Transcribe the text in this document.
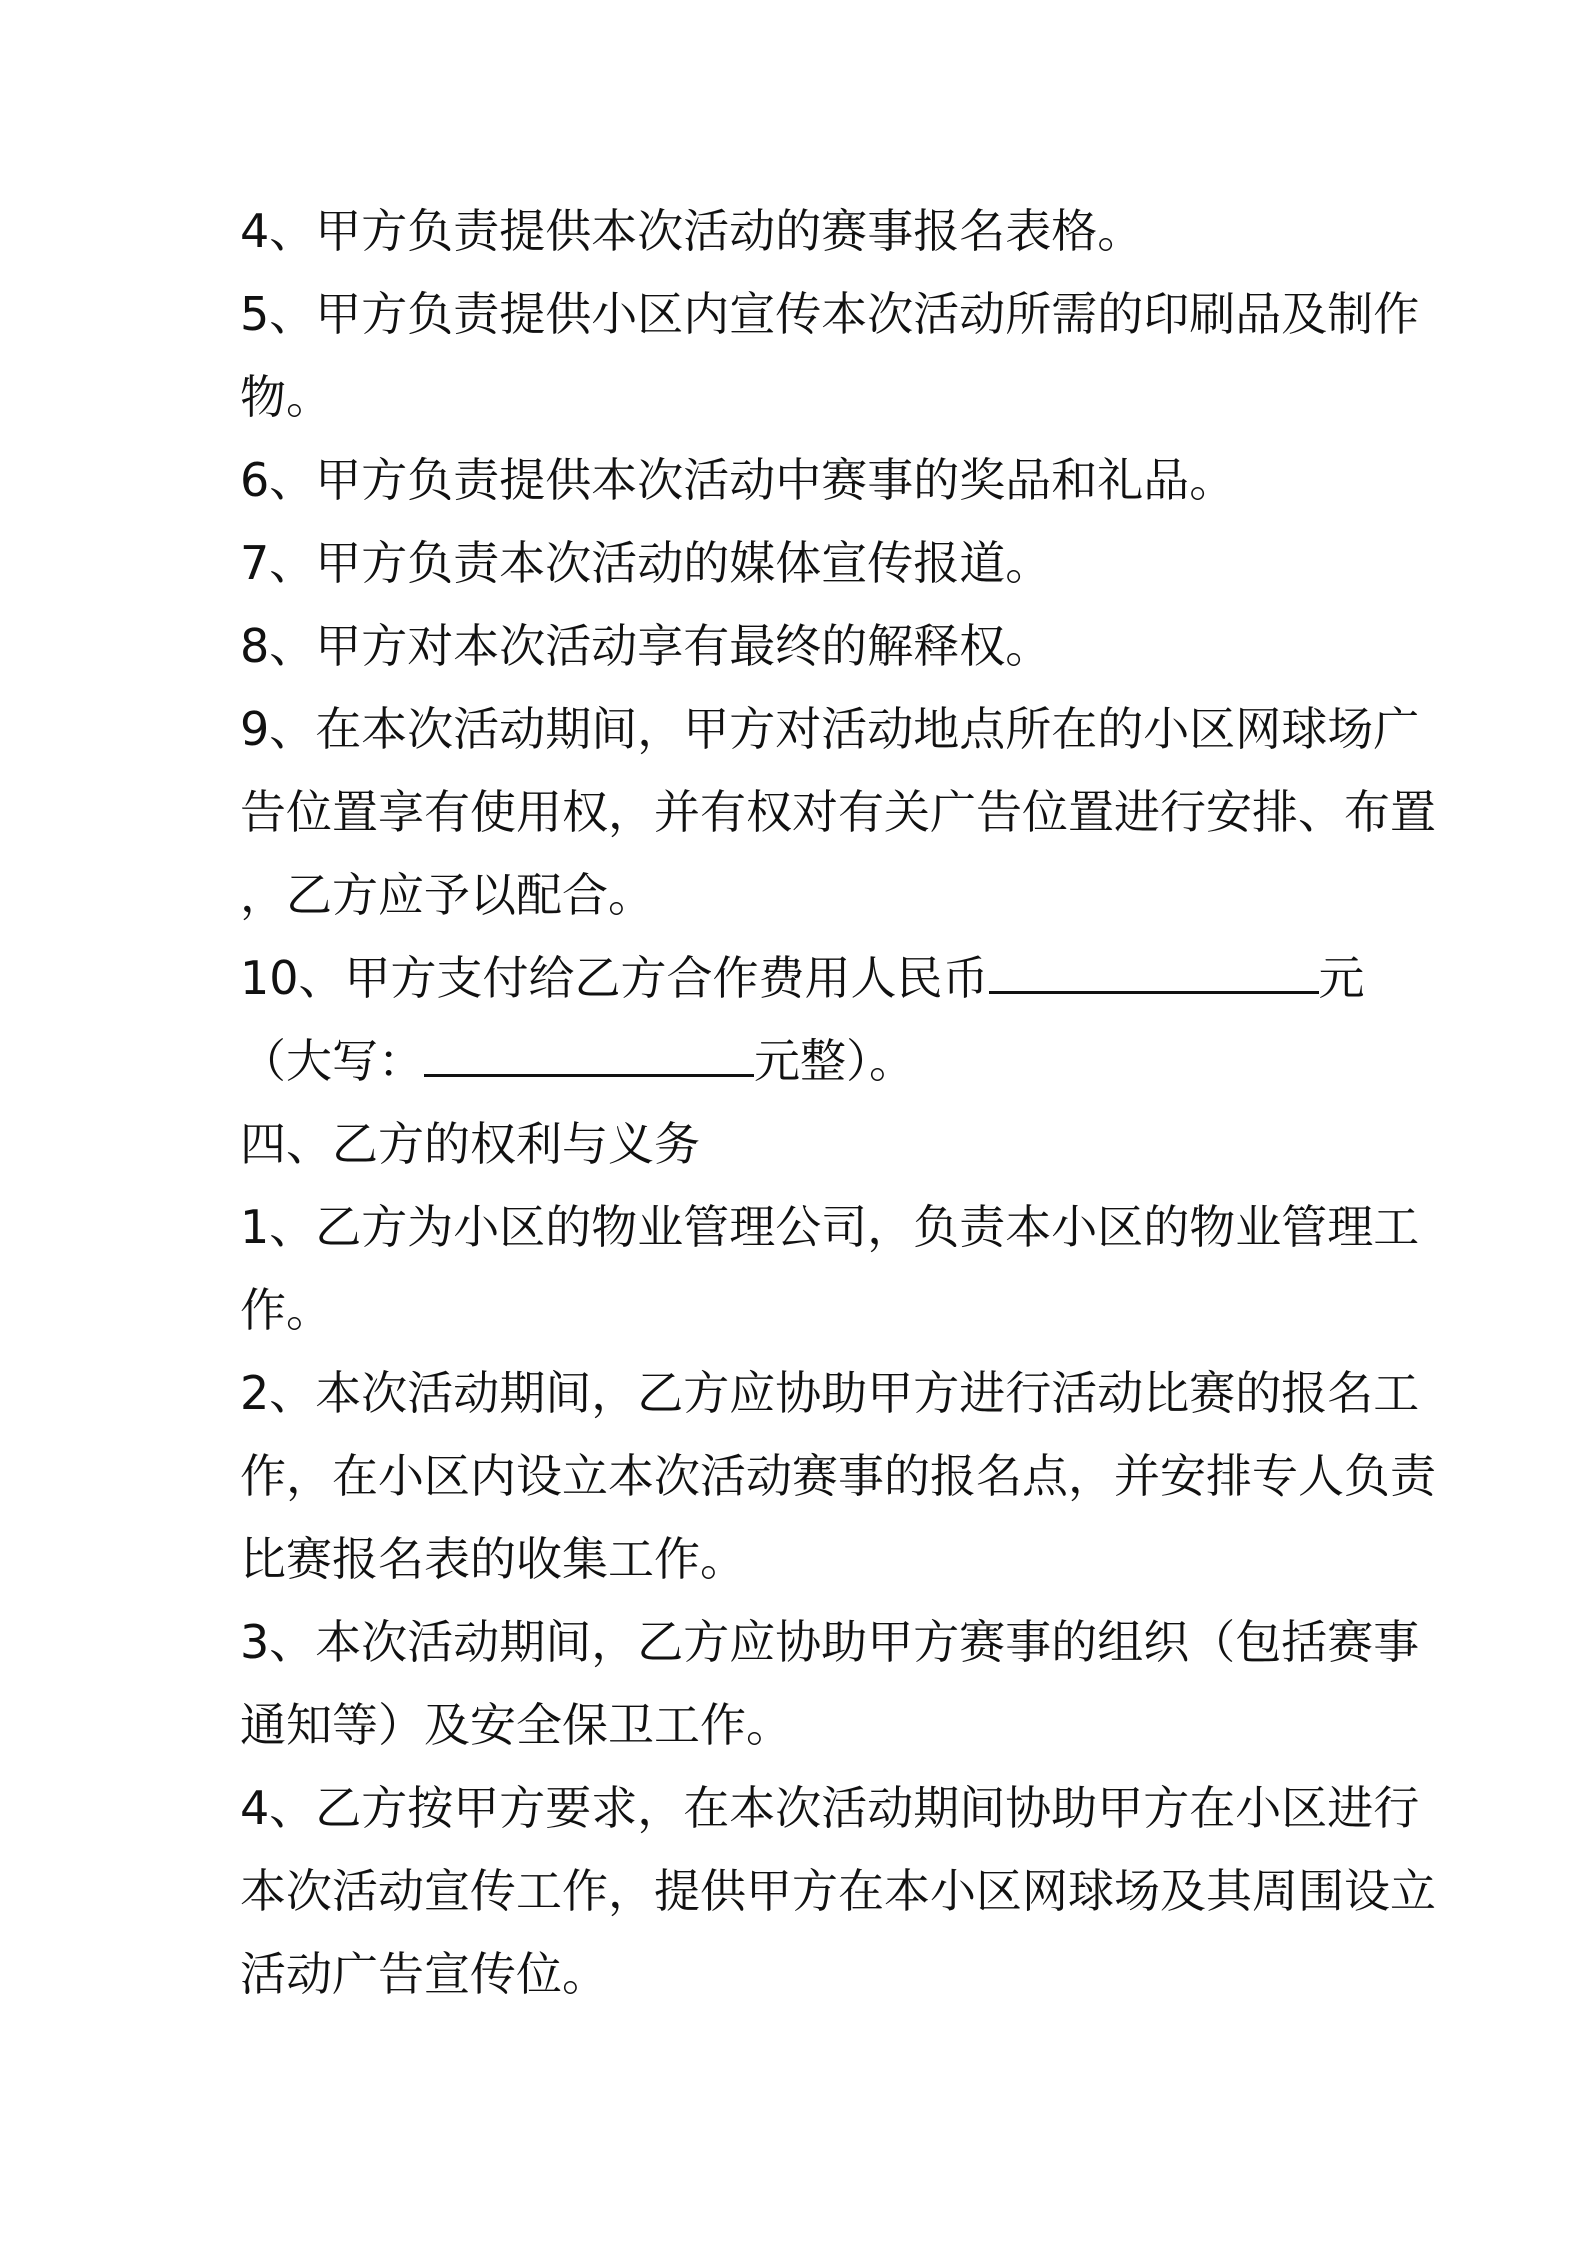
4、甲方负责提供本次活动的赛事报名表格。
5、甲方负责提供小区内宣传本次活动所需的印刷品及制作
物。
6、甲方负责提供本次活动中赛事的奖品和礼品。
7、甲方负责本次活动的媒体宣传报道。
8、甲方对本次活动享有最终的解释权。
9、在本次活动期间，甲方对活动地点所在的小区网球场广
告位置享有使用权，并有权对有关广告位置进行安排、布置
，乙方应予以配合。
10、甲方支付给乙方合作费用人民币	元
（大写：	元整）。
四、乙方的权利与义务
1、乙方为小区的物业管理公司，负责本小区的物业管理工
作。
2、本次活动期间，乙方应协助甲方进行活动比赛的报名工
作，在小区内设立本次活动赛事的报名点，并安排专人负责
比赛报名表的收集工作。
3、本次活动期间，乙方应协助甲方赛事的组织（包括赛事
通知等）及安全保卫工作。
4、乙方按甲方要求，在本次活动期间协助甲方在小区进行
本次活动宣传工作，提供甲方在本小区网球场及其周围设立
活动广告宣传位。
